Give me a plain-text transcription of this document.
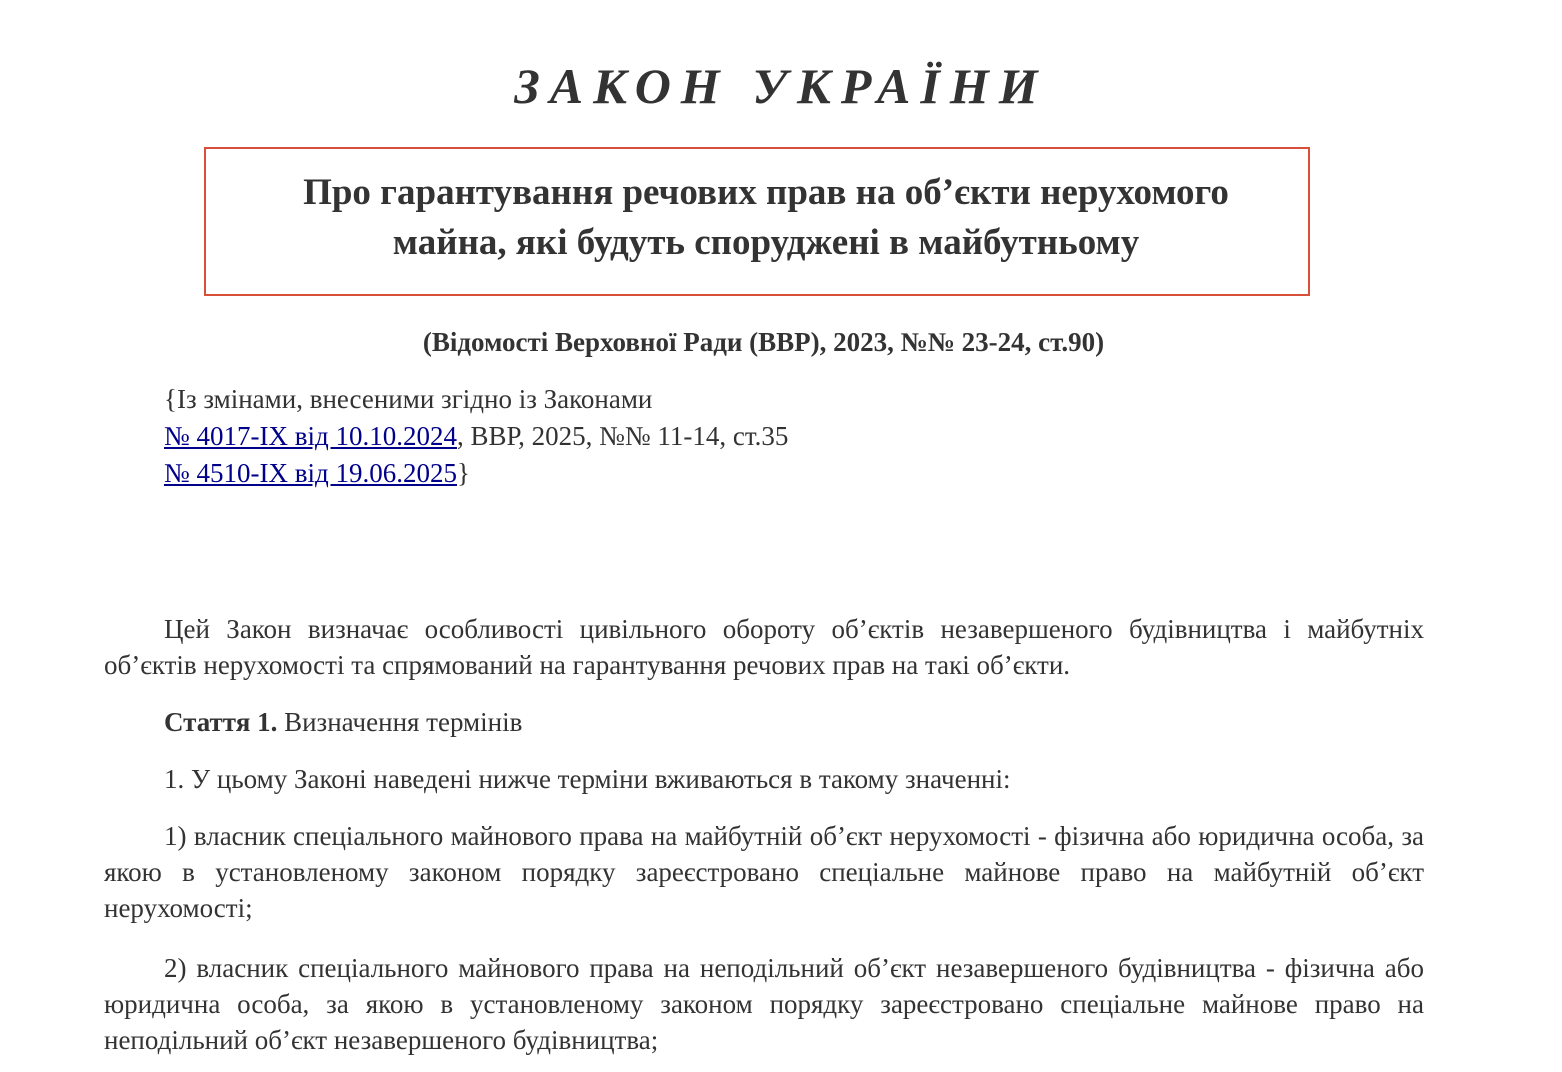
ЗАКОН УКРАЇНИ
Про гарантування речових прав на об’єкти нерухомого
майна, які будуть споруджені в майбутньому
(Відомості Верховної Ради (ВВР), 2023, №№ 23-24, ст.90)
{Із змінами, внесеними згідно із Законами
№ 4017-IX від 10.10.2024, ВВР, 2025, №№ 11-14, ст.35
№ 4510-IX від 19.06.2025}

Цей Закон визначає особливості цивільного обороту об’єктів незавершеного будівництва і майбутніх об’єктів нерухомості та спрямований на гарантування речових прав на такі об’єкти.

Стаття 1. Визначення термінів

1. У цьому Законі наведені нижче терміни вживаються в такому значенні:

1) власник спеціального майнового права на майбутній об’єкт нерухомості - фізична або юридична особа, за якою в установленому законом порядку зареєстровано спеціальне майнове право на майбутній об’єкт нерухомості;

2) власник спеціального майнового права на неподільний об’єкт незавершеного будівництва - фізична або юридична особа, за якою в установленому законом порядку зареєстровано спеціальне майнове право на неподільний об’єкт незавершеного будівництва;
